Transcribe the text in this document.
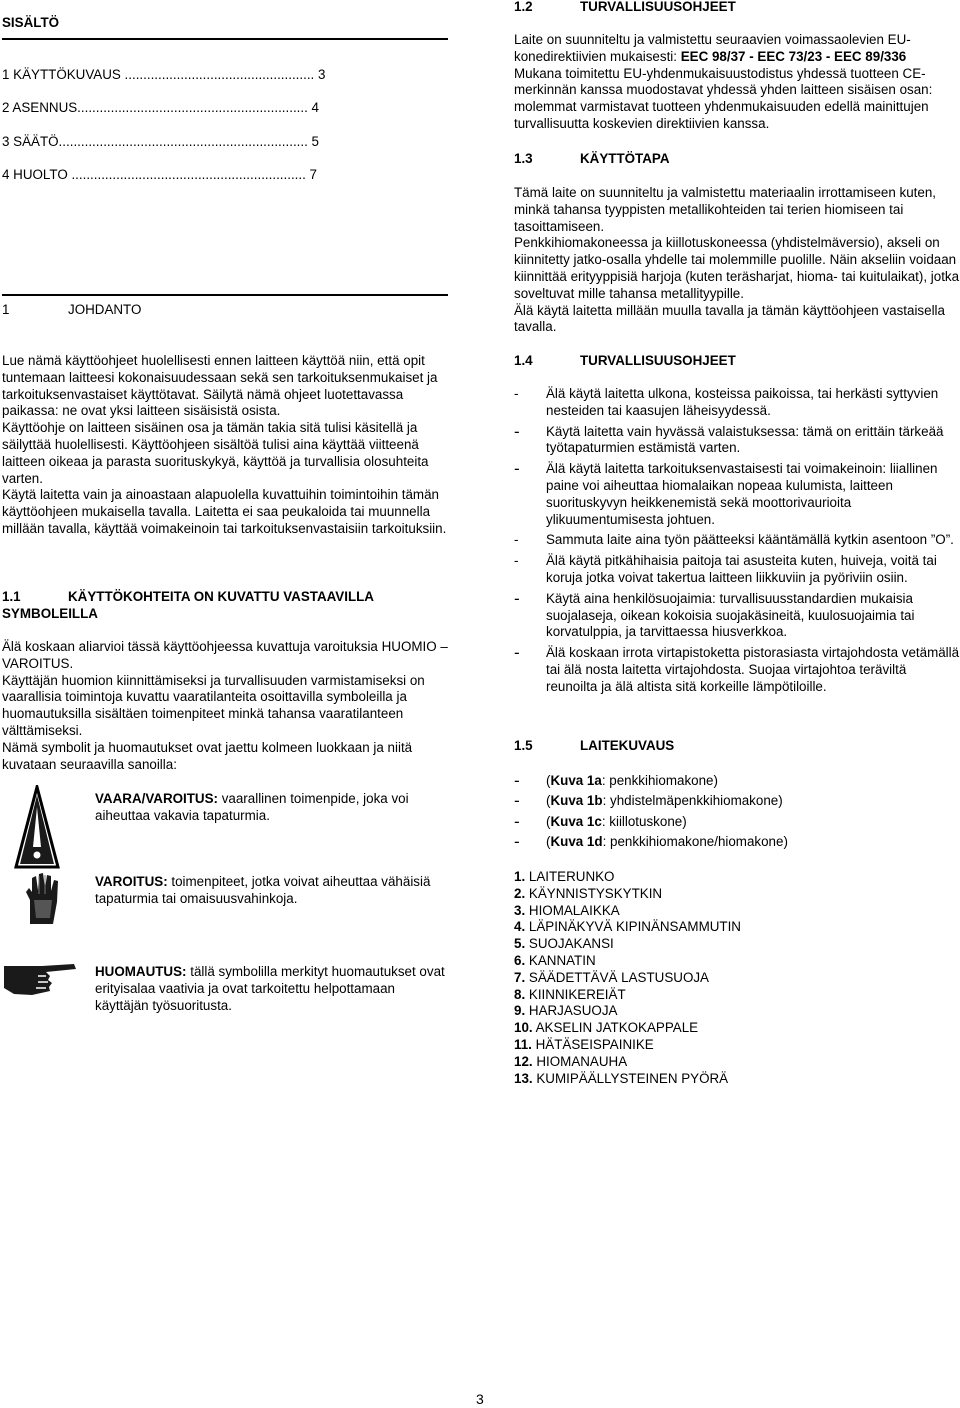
SISÄLTÖ
1 KÄYTTÖKUVAUS ................................................... 3
2 ASENNUS.............................................................. 4
3 SÄÄTÖ................................................................... 5
4 HUOLTO ............................................................... 7
1	JOHDANTO

Lue nämä käyttöohjeet huolellisesti ennen laitteen käyttöä niin, että opit tuntemaan laitteesi kokonaisuudessaan sekä sen tarkoituksenmukaiset ja tarkoituksenvastaiset käyttötavat. Säilytä nämä ohjeet luotettavassa paikassa: ne ovat yksi laitteen sisäisistä osista.

Käyttöohje on laitteen sisäinen osa ja tämän takia sitä tulisi käsitellä ja säilyttää huolellisesti. Käyttöohjeen sisältöä tulisi aina käyttää viitteenä laitteen oikeaa ja parasta suorituskykyä, käyttöä ja turvallisia olosuhteita varten.

Käytä laitetta vain ja ainoastaan alapuolella kuvattuihin toimintoihin tämän käyttöohjeen mukaisella tavalla. Laitetta ei saa peukaloida tai muunnella millään tavalla, käyttää voimakeinoin tai tarkoituksenvastaisiin tarkoituksiin.

1.1	KÄYTTÖKOHTEITA ON KUVATTU VASTAAVILLA SYMBOLEILLA

Älä koskaan aliarvioi tässä käyttöohjeessa kuvattuja varoituksia HUOMIO – VAROITUS.

Käyttäjän huomion kiinnittämiseksi ja turvallisuuden varmistamiseksi on vaarallisia toimintoja kuvattu vaaratilanteita osoittavilla symboleilla ja huomautuksilla sisältäen toimenpiteet minkä tahansa vaaratilanteen välttämiseksi.

Nämä symbolit ja huomautukset ovat jaettu kolmeen luokkaan ja niitä kuvataan seuraavilla sanoilla:

VAARA/VAROITUS: vaarallinen toimenpide, joka voi aiheuttaa vakavia tapaturmia.
VAROITUS: toimenpiteet, jotka voivat aiheuttaa vähäisiä tapaturmia tai omaisuusvahinkoja.
HUOMAUTUS: tällä symbolilla merkityt huomautukset ovat erityisalaa vaativia ja ovat tarkoitettu helpottamaan käyttäjän työsuoritusta.
1.2	TURVALLISUUSOHJEET

Laite on suunniteltu ja valmistettu seuraavien voimassaolevien EU-konedirektiivien mukaisesti: EEC 98/37 - EEC 73/23 - EEC 89/336

Mukana toimitettu EU-yhdenmukaisuustodistus yhdessä tuotteen CE-merkinnän kanssa muodostavat yhdessä yhden laitteen sisäisen osan: molemmat varmistavat tuotteen yhdenmukaisuuden edellä mainittujen turvallisuutta koskevien direktiivien kanssa.

1.3	KÄYTTÖTAPA

Tämä laite on suunniteltu ja valmistettu materiaalin irrottamiseen kuten, minkä tahansa tyyppisten metallikohteiden tai terien hiomiseen tai tasoittamiseen.

Penkkihiomakoneessa ja kiillotuskoneessa (yhdistelmäversio), akseli on kiinnitetty jatko-osalla yhdelle tai molemmille puolille. Näin akseliin voidaan kiinnittää erityyppisiä harjoja (kuten teräsharjat, hioma- tai kuitulaikat), jotka soveltuvat mille tahansa metallityypille.

Älä käytä laitetta millään muulla tavalla ja tämän käyttöohjeen vastaisella tavalla.

1.4	TURVALLISUUSOHJEET
- Älä käytä laitetta ulkona, kosteissa paikoissa, tai herkästi syttyvien nesteiden tai kaasujen läheisyydessä.
- Käytä laitetta vain hyvässä valaistuksessa: tämä on erittäin tärkeää työtapaturmien estämistä varten.
- Älä käytä laitetta tarkoituksenvastaisesti tai voimakeinoin: liiallinen paine voi aiheuttaa hiomalaikan nopeaa kulumista, laitteen suorituskyvyn heikkenemistä sekä moottorivaurioita ylikuumentumisesta johtuen.
- Sammuta laite aina työn päätteeksi kääntämällä kytkin asentoon ”O”.
- Älä käytä pitkähihaisia paitoja tai asusteita kuten, huiveja, voitä tai koruja jotka voivat takertua laitteen liikkuviin ja pyöriviin osiin.
- Käytä aina henkilösuojaimia: turvallisuusstandardien mukaisia suojalaseja, oikean kokoisia suojakäsineitä, kuulosuojaimia tai korvatulppia, ja tarvittaessa hiusverkkoa.
- Älä koskaan irrota virtapistoketta pistorasiasta virtajohdosta vetämällä tai älä nosta laitetta virtajohdosta. Suojaa virtajohtoa teräviltä reunoilta ja älä altista sitä korkeille lämpötiloille.
1.5	LAITEKUVAUS
- (Kuva 1a: penkkihiomakone)
- (Kuva 1b: yhdistelmäpenkkihiomakone)
- (Kuva 1c: kiillotuskone)
- (Kuva 1d: penkkihiomakone/hiomakone)
1. LAITERUNKO
2. KÄYNNISTYSKYTKIN
3. HIOMALAIKKA
4. LÄPINÄKYVÄ KIPINÄNSAMMUTIN
5. SUOJAKANSI
6. KANNATIN
7. SÄÄDETTÄVÄ LASTUSUOJA
8. KIINNIKEREIÄT
9. HARJASUOJA
10. AKSELIN JATKOKAPPALE
11. HÄTÄSEISPAINIKE
12. HIOMANAUHA
13. KUMIPÄÄLLYSTEINEN PYÖRÄ
3
